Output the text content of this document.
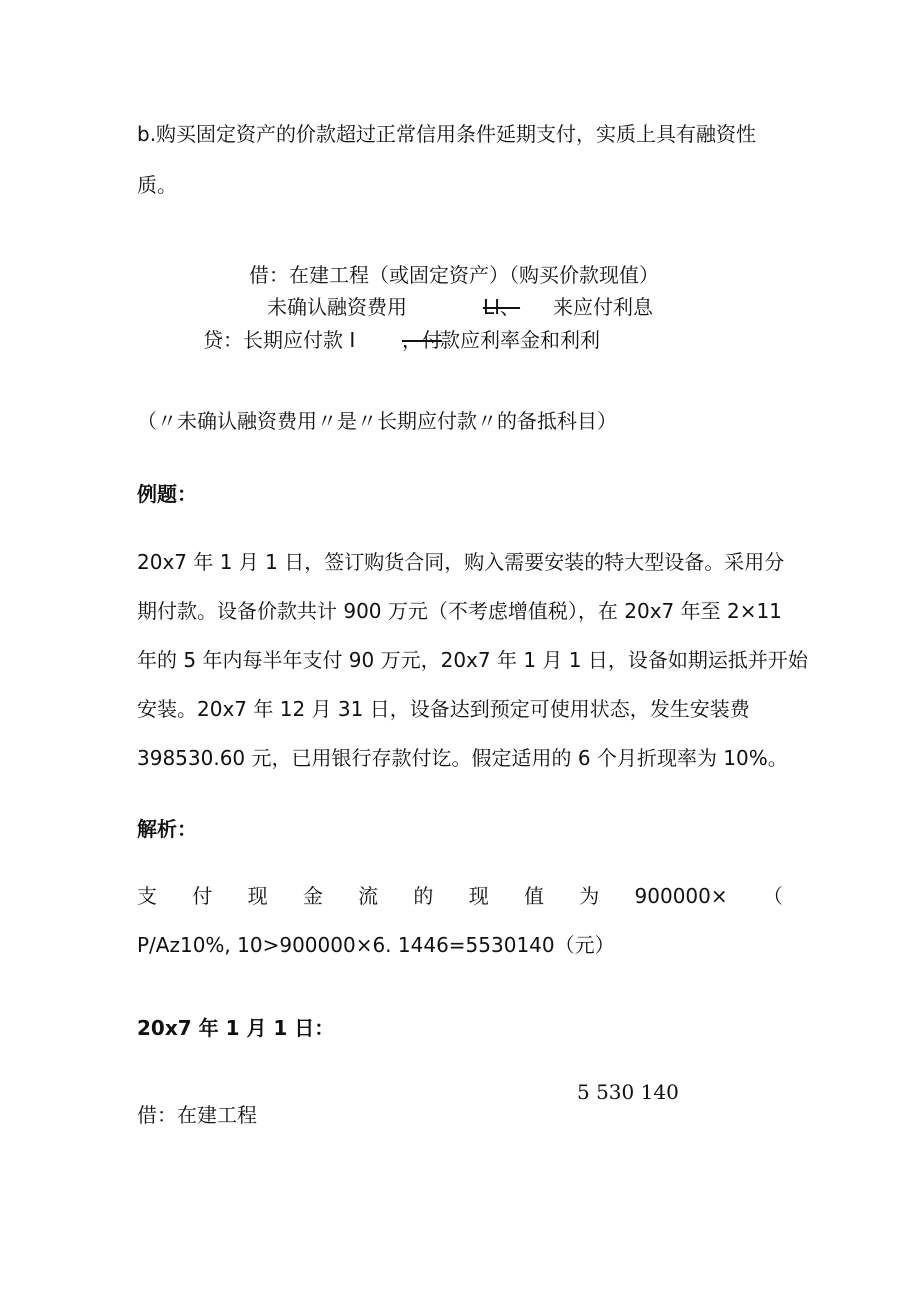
b.购买固定资产的价款超过正常信用条件延期支付，实质上具有融资性
质。
借：在建工程（或固定资产）（购买价款现值）
未确认融资费用	LI、 来应付利息
贷：长期应付款 I ，付
款应利率金和利利
（〃未确认融资费用〃是〃长期应付款〃的备抵科目）
例题：
20x7 年 1 月 1 日，签订购货合同，购入需要安装的特大型设备。采用分
期付款。设备价款共计 900 万元（不考虑增值税），在 20x7 年至 2×11
年的 5 年内每半年支付 90 万元，20x7 年 1 月 1 日，设备如期运抵并开始
安装。20x7 年 12 月 31 日，设备达到预定可使用状态，发生安装费
398530.60 元，已用银行存款付讫。假定适用的 6 个月折现率为 10%。
解析：
支 付 现 金 流 的 现 值 为 900000× （
P/Az10%, 10>900000×6. 1446=5530140（元）
20x7 年 1 月 1 日：
5 530 140
借：在建工程
